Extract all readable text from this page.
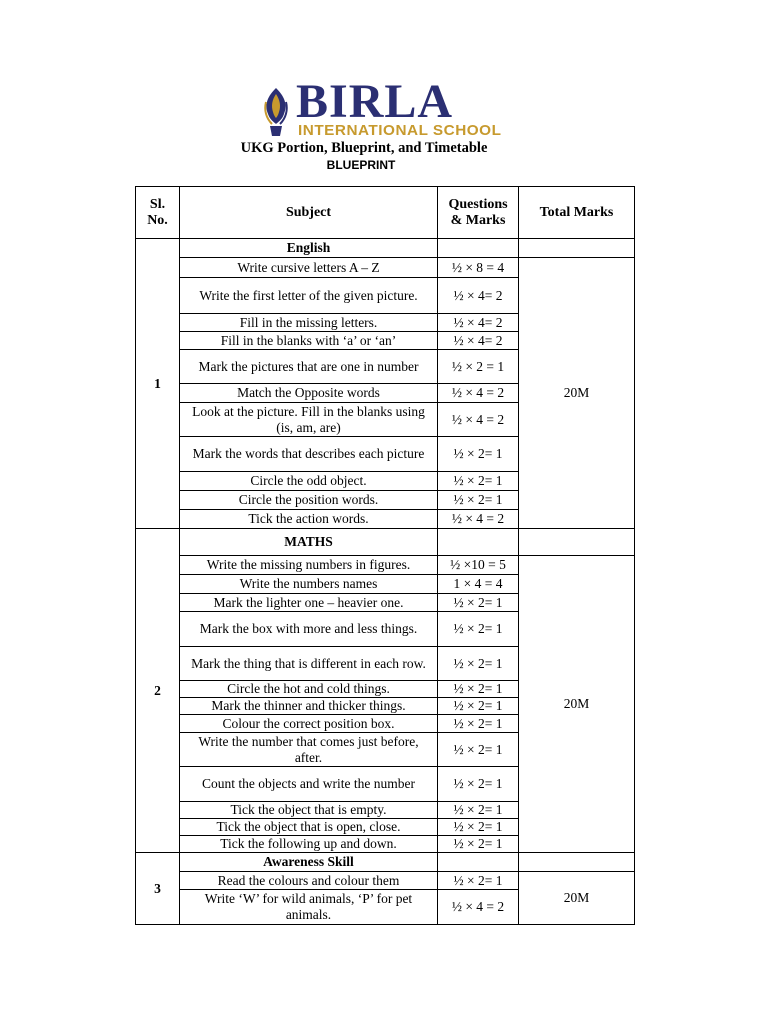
BIRLA
INTERNATIONAL SCHOOL
UKG Portion, Blueprint, and Timetable
BLUEPRINT
Sl. No.	Subject	Questions & Marks	Total Marks
1	English		
	Write cursive letters A – Z	½ × 8 = 4	20M
	Write the first letter of the given picture.	½ × 4= 2	
	Fill in the missing letters.	½ × 4= 2	
	Fill in the blanks with ‘a’ or ‘an’	½ × 4= 2	
	Mark the pictures that are one in number	½ × 2 = 1	
	Match the Opposite words	½ × 4 = 2	
	Look at the picture. Fill in the blanks using (is, am, are)	½ × 4 = 2	
	Mark the words that describes each picture	½ × 2= 1	
	Circle the odd object.	½ × 2= 1	
	Circle the position words.	½ × 2= 1	
	Tick the action words.	½ × 4 = 2	
2	MATHS		
	Write the missing numbers in figures.	½ ×10 = 5	20M
	Write the numbers names	1 × 4 = 4	
	Mark the lighter one – heavier one.	½ × 2= 1	
	Mark the box with more and less things.	½ × 2= 1	
	Mark the thing that is different in each row.	½ × 2= 1	
	Circle the hot and cold things.	½ × 2= 1	
	Mark the thinner and thicker things.	½ × 2= 1	
	Colour the correct position box.	½ × 2= 1	
	Write the number that comes just before, after.	½ × 2= 1	
	Count the objects and write the number	½ × 2= 1	
	Tick the object that is empty.	½ × 2= 1	
	Tick the object that is open, close.	½ × 2= 1	
	Tick the following up and down.	½ × 2= 1	
3	Awareness Skill		
	Read the colours and colour them	½ × 2= 1	20M
	Write ‘W’ for wild animals, ‘P’ for pet animals.	½ × 4 = 2	
